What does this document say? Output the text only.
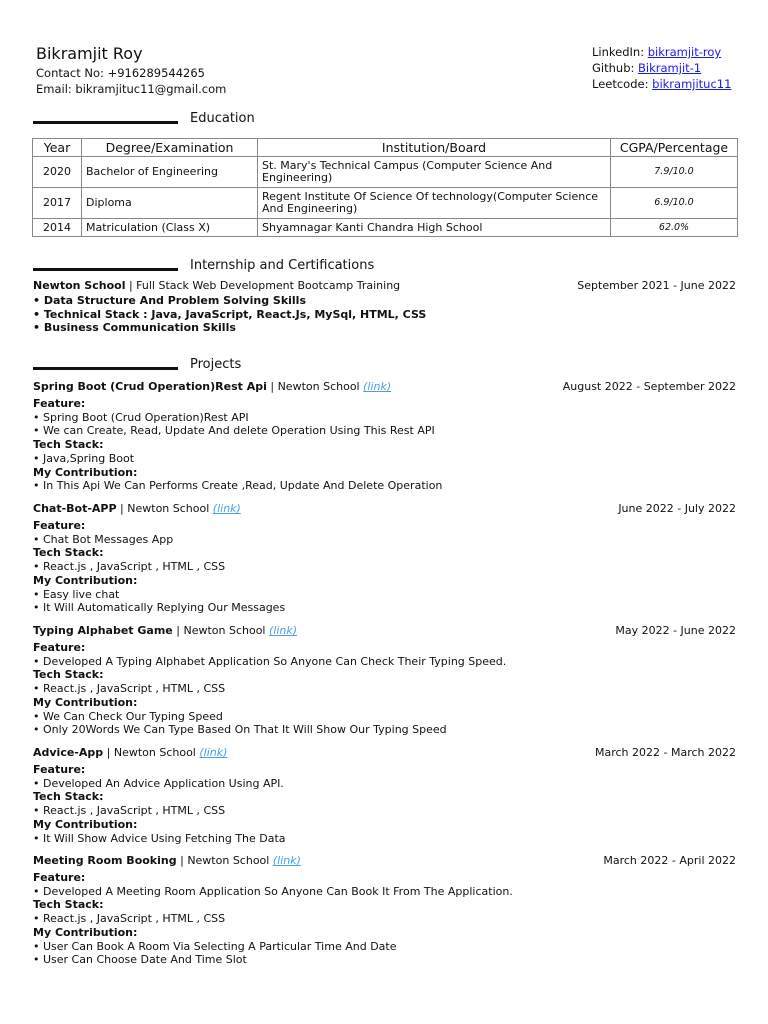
Bikramjit Roy
Contact No: +916289544265
Email: bikramjituc11@gmail.com
LinkedIn: bikramjit-roy
Github: Bikramjit-1
Leetcode: bikramjituc11
Education
Year	Degree/Examination	Institution/Board	CGPA/Percentage
2020	Bachelor of Engineering	St. Mary's Technical Campus (Computer Science And Engineering)	7.9/10.0
2017	Diploma	Regent Institute Of Science Of technology(Computer Science And Engineering)	6.9/10.0
2014	Matriculation (Class X)	Shyamnagar Kanti Chandra High School	62.0%
Internship and Certifications
Newton School | Full Stack Web Development Bootcamp Training	September 2021 - June 2022
• Data Structure And Problem Solving Skills
• Technical Stack : Java, JavaScript, React.Js, MySql, HTML, CSS
• Business Communication Skills
Projects
Spring Boot (Crud Operation)Rest Api | Newton School (link)	August 2022 - September 2022
Feature:
• Spring Boot (Crud Operation)Rest API
• We can Create, Read, Update And delete Operation Using This Rest API
Tech Stack:
• Java,Spring Boot
My Contribution:
• In This Api We Can Performs Create ,Read, Update And Delete Operation
Chat-Bot-APP | Newton School (link)	June 2022 - July 2022
Feature:
• Chat Bot Messages App
Tech Stack:
• React.js , JavaScript , HTML , CSS
My Contribution:
• Easy live chat
• It Will Automatically Replying Our Messages
Typing Alphabet Game | Newton School (link)	May 2022 - June 2022
Feature:
• Developed A Typing Alphabet Application So Anyone Can Check Their Typing Speed.
Tech Stack:
• React.js , JavaScript , HTML , CSS
My Contribution:
• We Can Check Our Typing Speed
• Only 20Words We Can Type Based On That It Will Show Our Typing Speed
Advice-App | Newton School (link)	March 2022 - March 2022
Feature:
• Developed An Advice Application Using API.
Tech Stack:
• React.js , JavaScript , HTML , CSS
My Contribution:
• It Will Show Advice Using Fetching The Data
Meeting Room Booking | Newton School (link)	March 2022 - April 2022
Feature:
• Developed A Meeting Room Application So Anyone Can Book It From The Application.
Tech Stack:
• React.js , JavaScript , HTML , CSS
My Contribution:
• User Can Book A Room Via Selecting A Particular Time And Date
• User Can Choose Date And Time Slot
